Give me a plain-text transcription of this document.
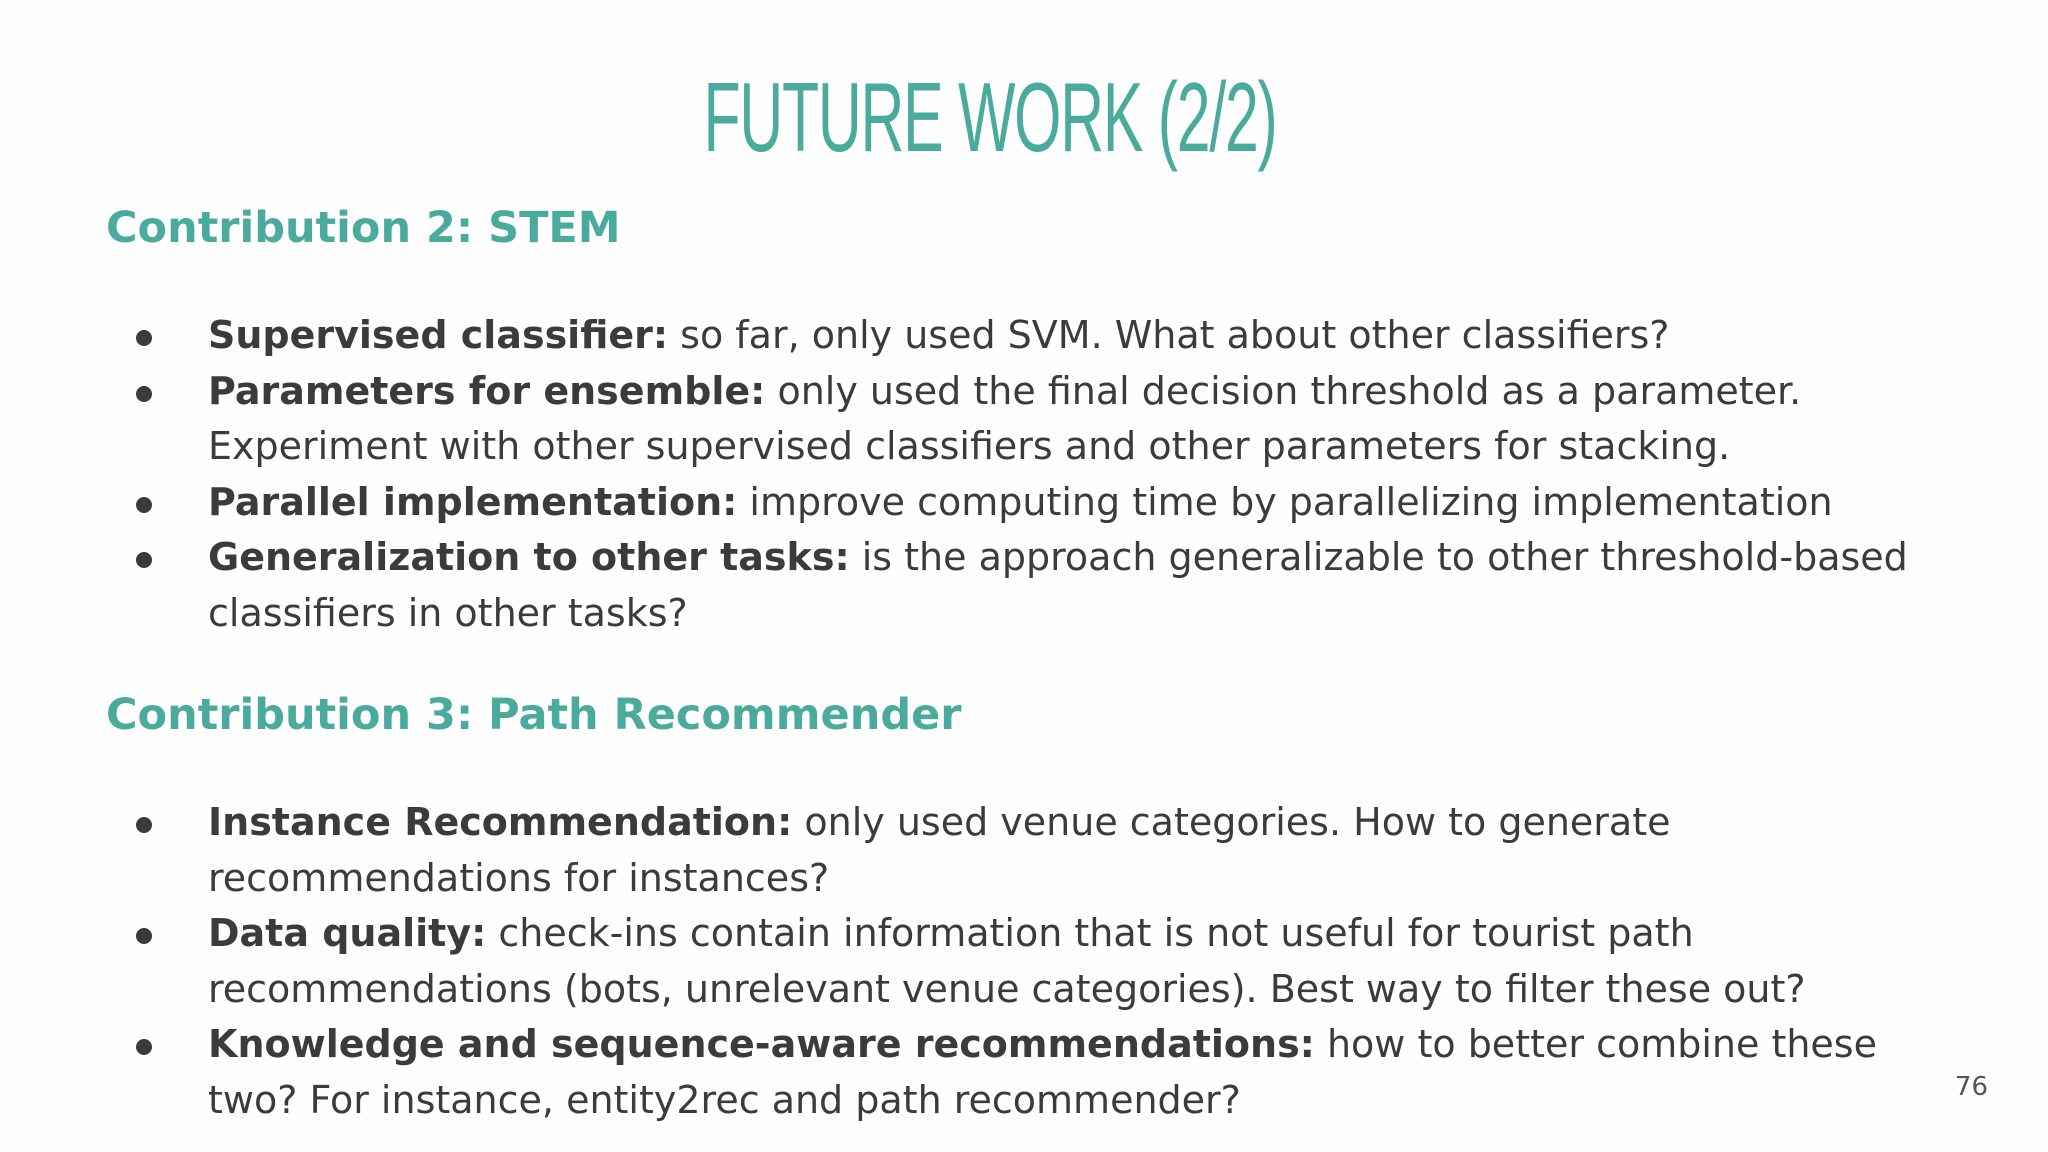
FUTURE WORK (2/2)
Contribution 2: STEM
Supervised classifier: so far, only used SVM. What about other classifiers?
Parameters for ensemble: only used the final decision threshold as a parameter. Experiment with other supervised classifiers and other parameters for stacking.
Parallel implementation: improve computing time by parallelizing implementation
Generalization to other tasks: is the approach generalizable to other threshold-based classifiers in other tasks?
Contribution 3: Path Recommender
Instance Recommendation: only used venue categories. How to generate recommendations for instances?
Data quality: check-ins contain information that is not useful for tourist path recommendations (bots, unrelevant venue categories). Best way to filter these out?
Knowledge and sequence-aware recommendations: how to better combine these two? For instance, entity2rec and path recommender?	76
